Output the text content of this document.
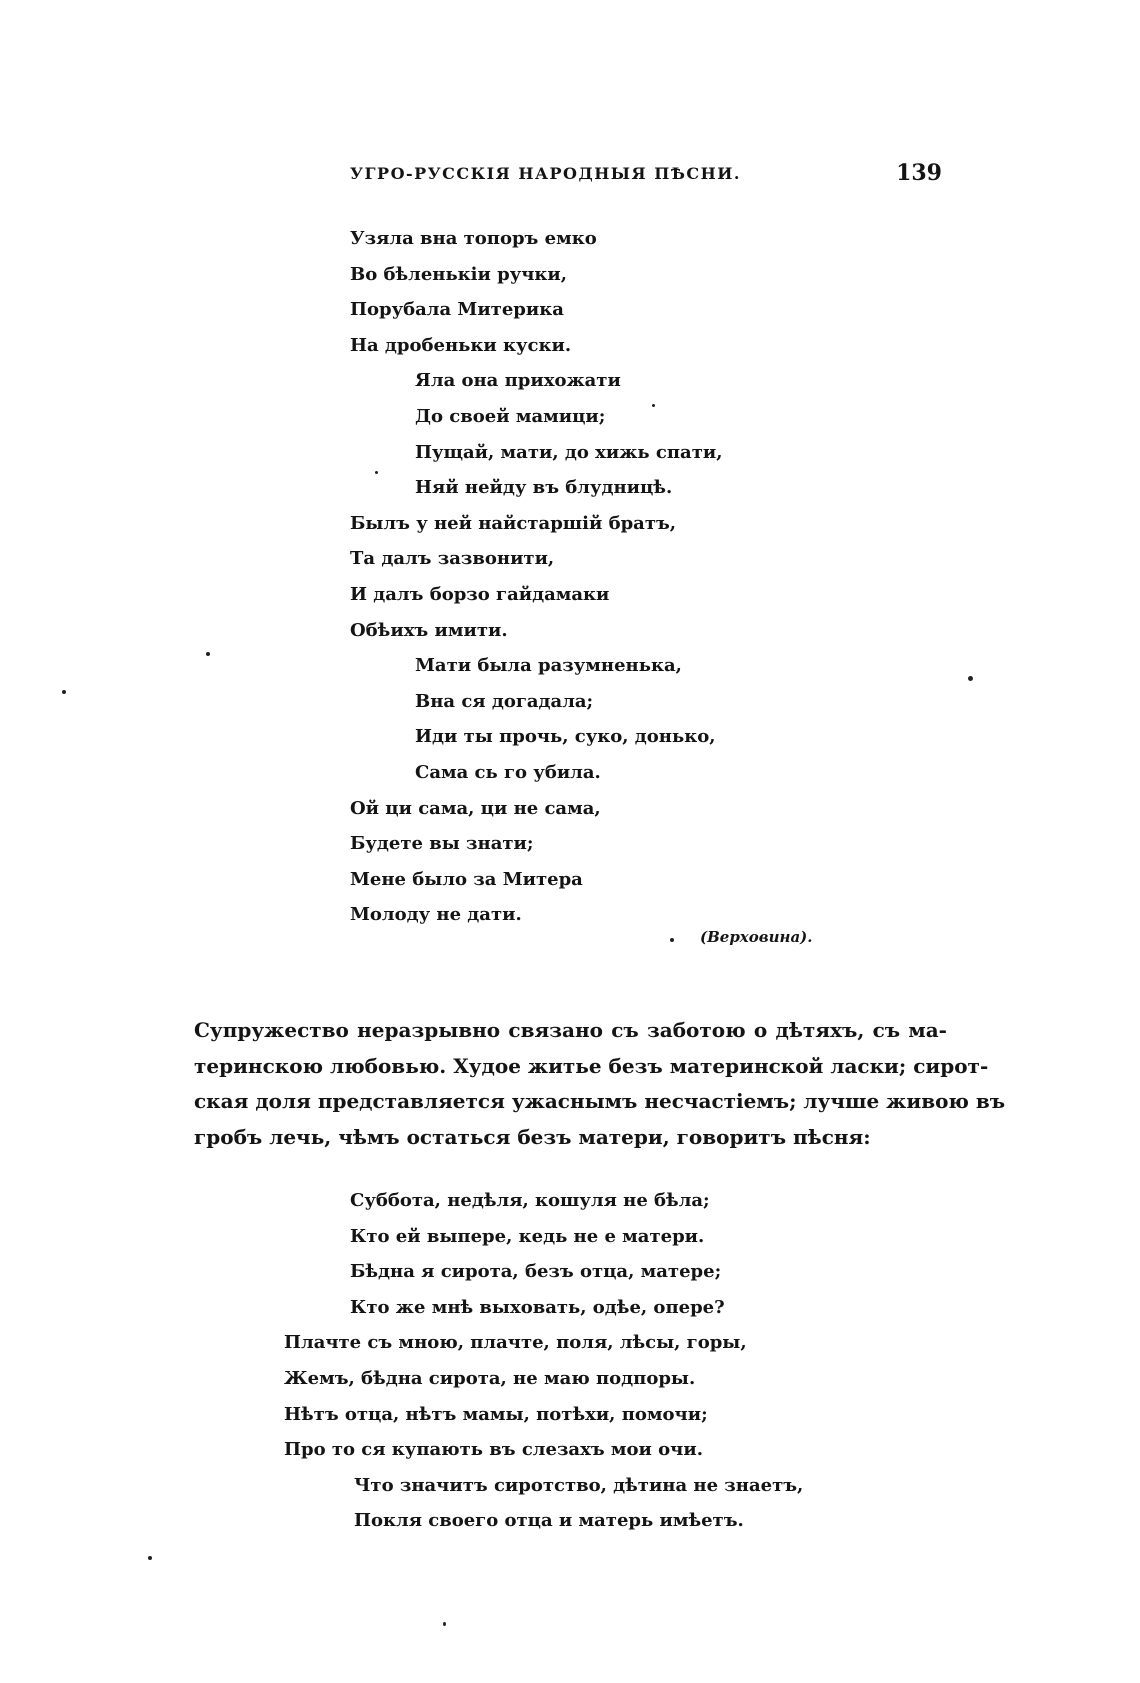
УГРО-РУССКІЯ НАРОДНЫЯ ПѢСНИ.	139
Узяла вна топоръ емко
Во бѣленькіи ручки,
Порубала Митерика
На дробеньки куски.
Яла она прихожати
До своей мамици;
Пущай, мати, до хижь спати,
Няй нейду въ блудницѣ.
Былъ у ней найстаршій братъ,
Та далъ зазвонити,
И далъ борзо гайдамаки
Обѣихъ имити.
Мати была разумненька,
Вна ся догадала;
Иди ты прочь, суко, донько,
Сама сь го убила.
Ой ци сама, ци не сама,
Будете вы знати;
Мене было за Митера
Молоду не дати.
(Верховина).

Супружество неразрывно связано съ заботою о дѣтяхъ, съ ма-
теринскою любовью. Худое житье безъ материнской ласки; сирот-
ская доля представляется ужаснымъ несчастіемъ; лучше живою въ
гробъ лечь, чѣмъ остаться безъ матери, говоритъ пѣсня:

Суббота, недѣля, кошуля не бѣла;
Кто ей выпере, кедь не е матери.
Бѣдна я сирота, безъ отца, матере;
Кто же мнѣ выховать, одѣе, опере?
Плачте съ мною, плачте, поля, лѣсы, горы,
Жемъ, бѣдна сирота, не маю подпоры.
Нѣтъ отца, нѣтъ мамы, потѣхи, помочи;
Про то ся купають въ слезахъ мои очи.
Что значитъ сиротство, дѣтина не знаетъ,
Покля своего отца и матерь имѣетъ.
